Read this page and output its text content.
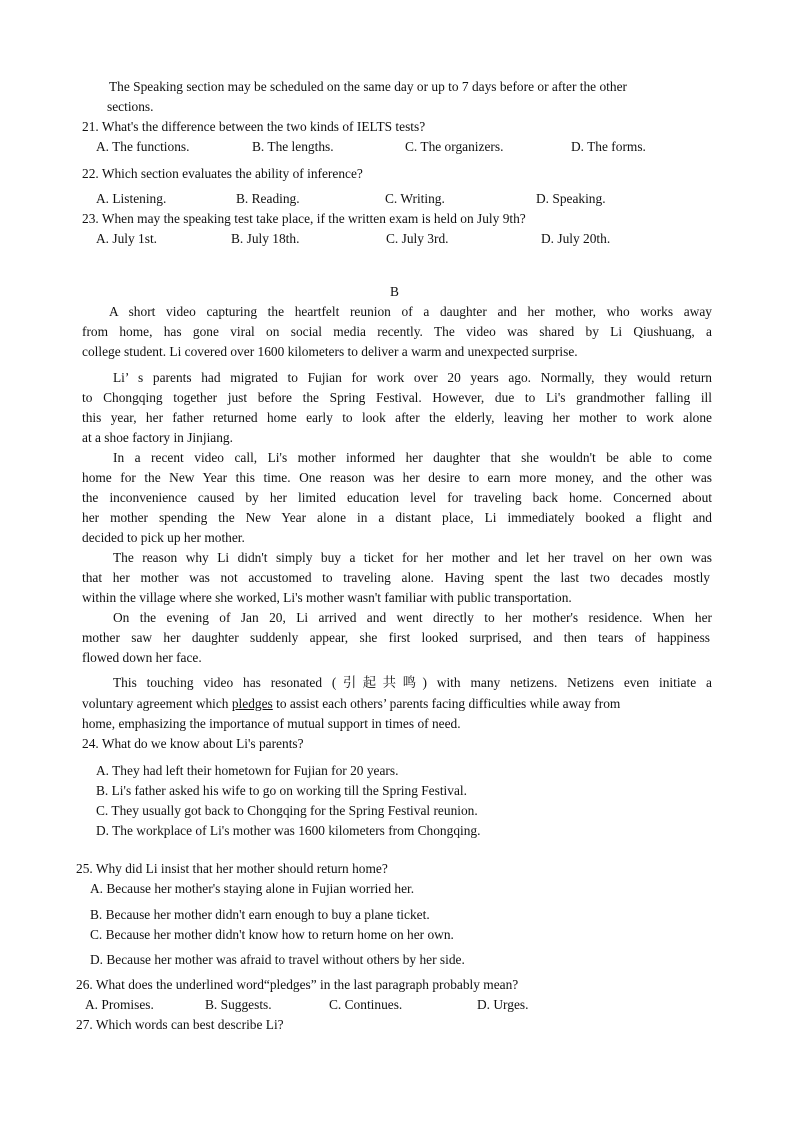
The Speaking section may be scheduled on the same day or up to 7 days before or after the other
sections.
21. What's the difference between the two kinds of IELTS tests?
A. The functions.	B. The lengths.	C. The organizers.	D. The forms.
22. Which section evaluates the ability of inference?
A. Listening.	B. Reading.	C. Writing.	D. Speaking.
23. When may the speaking test take place, if the written exam is held on July 9th?
A. July 1st.	B. July 18th.	C. July 3rd.	D. July 20th.
B
A short video capturing the heartfelt reunion of a daughter and her mother, who works away
from home, has gone viral on social media recently. The video was shared by Li Qiushuang, a
college student. Li covered over 1600 kilometers to deliver a warm and unexpected surprise.
Li’ s parents had migrated to Fujian for work over 20 years ago. Normally, they would return
to Chongqing together just before the Spring Festival. However, due to Li's grandmother falling ill
this year, her father returned home early to look after the elderly, leaving her mother to work alone
at a shoe factory in Jinjiang.
In a recent video call, Li's mother informed her daughter that she wouldn't be able to come
home for the New Year this time. One reason was her desire to earn more money, and the other was
the inconvenience caused by her limited education level for traveling back home. Concerned about
her mother spending the New Year alone in a distant place, Li immediately booked a flight and
decided to pick up her mother.
The reason why Li didn't simply buy a ticket for her mother and let her travel on her own was
that her mother was not accustomed to traveling alone. Having spent the last two decades mostly
within the village where she worked, Li's mother wasn't familiar with public transportation.
On the evening of Jan 20, Li arrived and went directly to her mother's residence. When her
mother saw her daughter suddenly appear, she first looked surprised, and then tears of happiness
flowed down her face.
This touching video has resonated (引起共鸣) with many netizens. Netizens even initiate a
voluntary agreement which pledges to assist each others’ parents facing difficulties while away from
home, emphasizing the importance of mutual support in times of need.
24. What do we know about Li's parents?
A. They had left their hometown for Fujian for 20 years.
B. Li's father asked his wife to go on working till the Spring Festival.
C. They usually got back to Chongqing for the Spring Festival reunion.
D. The workplace of Li's mother was 1600 kilometers from Chongqing.
25. Why did Li insist that her mother should return home?
A. Because her mother's staying alone in Fujian worried her.
B. Because her mother didn't earn enough to buy a plane ticket.
C. Because her mother didn't know how to return home on her own.
D. Because her mother was afraid to travel without others by her side.
26. What does the underlined word“pledges” in the last paragraph probably mean?
A. Promises.	B. Suggests.	C. Continues.	D. Urges.
27. Which words can best describe Li?
